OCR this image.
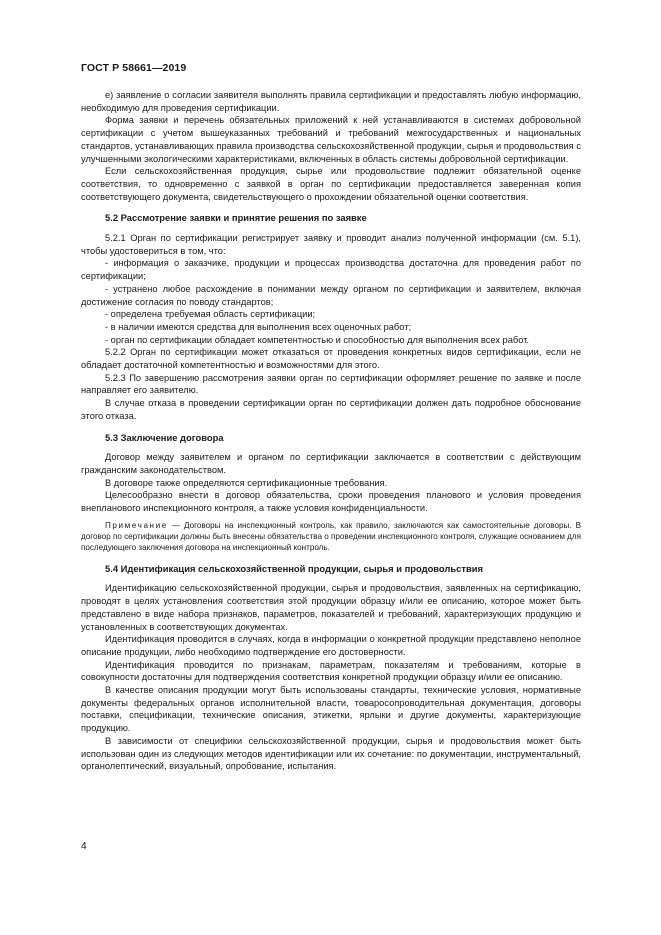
ГОСТ Р 58661—2019

е) заявление о согласии заявителя выполнять правила сертификации и предоставлять любую информацию, необходимую для проведения сертификации.

Форма заявки и перечень обязательных приложений к ней устанавливаются в системах добровольной сертификации с учетом вышеуказанных требований и требований межгосударственных и национальных стандартов, устанавливающих правила производства сельскохозяйственной продукции, сырья и продовольствия с улучшенными экологическими характеристиками, включенных в область системы добровольной сертификации.

Если сельскохозяйственная продукция, сырье или продовольствие подлежит обязательной оценке соответствия, то одновременно с заявкой в орган по сертификации предоставляется заверенная копия соответствующего документа, свидетельствующего о прохождении обязательной оценки соответствия.

5.2 Рассмотрение заявки и принятие решения по заявке

5.2.1 Орган по сертификации регистрирует заявку и проводит анализ полученной информации (см. 5.1), чтобы удостовериться в том, что:

- информация о заказчике, продукции и процессах производства достаточна для проведения работ по сертификации;

- устранено любое расхождение в понимании между органом по сертификации и заявителем, включая достижение согласия по поводу стандартов;

- определена требуемая область сертификации;

- в наличии имеются средства для выполнения всех оценочных работ;

- орган по сертификации обладает компетентностью и способностью для выполнения всех работ.

5.2.2 Орган по сертификации может отказаться от проведения конкретных видов сертификации, если не обладает достаточной компетентностью и возможностями для этого.

5.2.3 По завершению рассмотрения заявки орган по сертификации оформляет решение по заявке и после направляет его заявителю.

В случае отказа в проведении сертификации орган по сертификации должен дать подробное обоснование этого отказа.

5.3 Заключение договора

Договор между заявителем и органом по сертификации заключается в соответствии с действующим гражданским законодательством.

В договоре также определяются сертификационные требования.

Целесообразно внести в договор обязательства, сроки проведения планового и условия проведения внепланового инспекционного контроля, а также условия конфиденциальности.

Примечание — Договоры на инспекционный контроль, как правило, заключаются как самостоятельные договоры. В договор по сертификации должны быть внесены обязательства о проведении инспекционного контроля, служащие основанием для последующего заключения договора на инспекционный контроль.

5.4 Идентификация сельскохозяйственной продукции, сырья и продовольствия

Идентификацию сельскохозяйственной продукции, сырья и продовольствия, заявленных на сертификацию, проводят в целях установления соответствия этой продукции образцу и/или ее описанию, которое может быть представлено в виде набора признаков, параметров, показателей и требований, характеризующих продукцию и установленных в соответствующих документах.

Идентификация проводится в случаях, когда в информации о конкретной продукции представлено неполное описание продукции, либо необходимо подтверждение его достоверности.

Идентификация проводится по признакам, параметрам, показателям и требованиям, которые в совокупности достаточны для подтверждения соответствия конкретной продукции образцу и/или ее описанию.

В качестве описания продукции могут быть использованы стандарты, технические условия, нормативные документы федеральных органов исполнительной власти, товаросопроводительная документация, договоры поставки, спецификации, технические описания, этикетки, ярлыки и другие документы, характеризующие продукцию.

В зависимости от специфики сельскохозяйственной продукции, сырья и продовольствия может быть использован один из следующих методов идентификации или их сочетание: по документации, инструментальный, органолептический, визуальный, опробование, испытания.

4
